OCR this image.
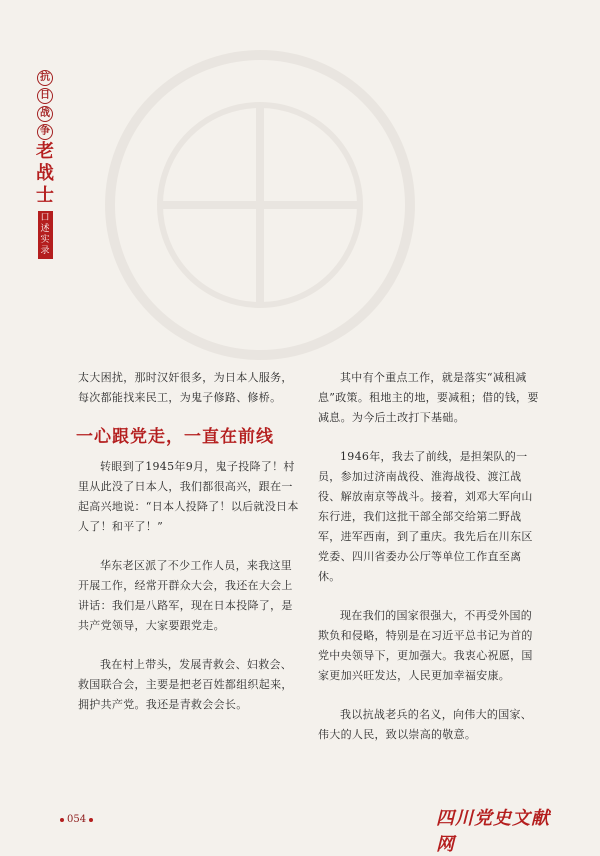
抗
日
战
争
老
战
士
口
述
实
录

太大困扰，那时汉奸很多，为日本人服务，每次都能找来民工，为鬼子修路、修桥。

一心跟党走，一直在前线

转眼到了1945年9月，鬼子投降了！村里从此没了日本人，我们都很高兴，跟在一起高兴地说：“日本人投降了！以后就没日本人了！和平了！”

华东老区派了不少工作人员，来我这里开展工作，经常开群众大会，我还在大会上讲话：我们是八路军，现在日本投降了，是共产党领导，大家要跟党走。

我在村上带头，发展青救会、妇救会、救国联合会，主要是把老百姓都组织起来，拥护共产党。我还是青救会会长。

其中有个重点工作，就是落实“减租减息”政策。租地主的地，要减租；借的钱，要减息。为今后土改打下基础。

1946年，我去了前线，是担架队的一员，参加过济南战役、淮海战役、渡江战役、解放南京等战斗。接着，刘邓大军向山东行进，我们这批干部全部交给第二野战军，进军西南，到了重庆。我先后在川东区党委、四川省委办公厅等单位工作直至离休。

现在我们的国家很强大，不再受外国的欺负和侵略，特别是在习近平总书记为首的党中央领导下，更加强大。我衷心祝愿，国家更加兴旺发达，人民更加幸福安康。

我以抗战老兵的名义，向伟大的国家、伟大的人民，致以崇高的敬意。

054	四川党史文献网
